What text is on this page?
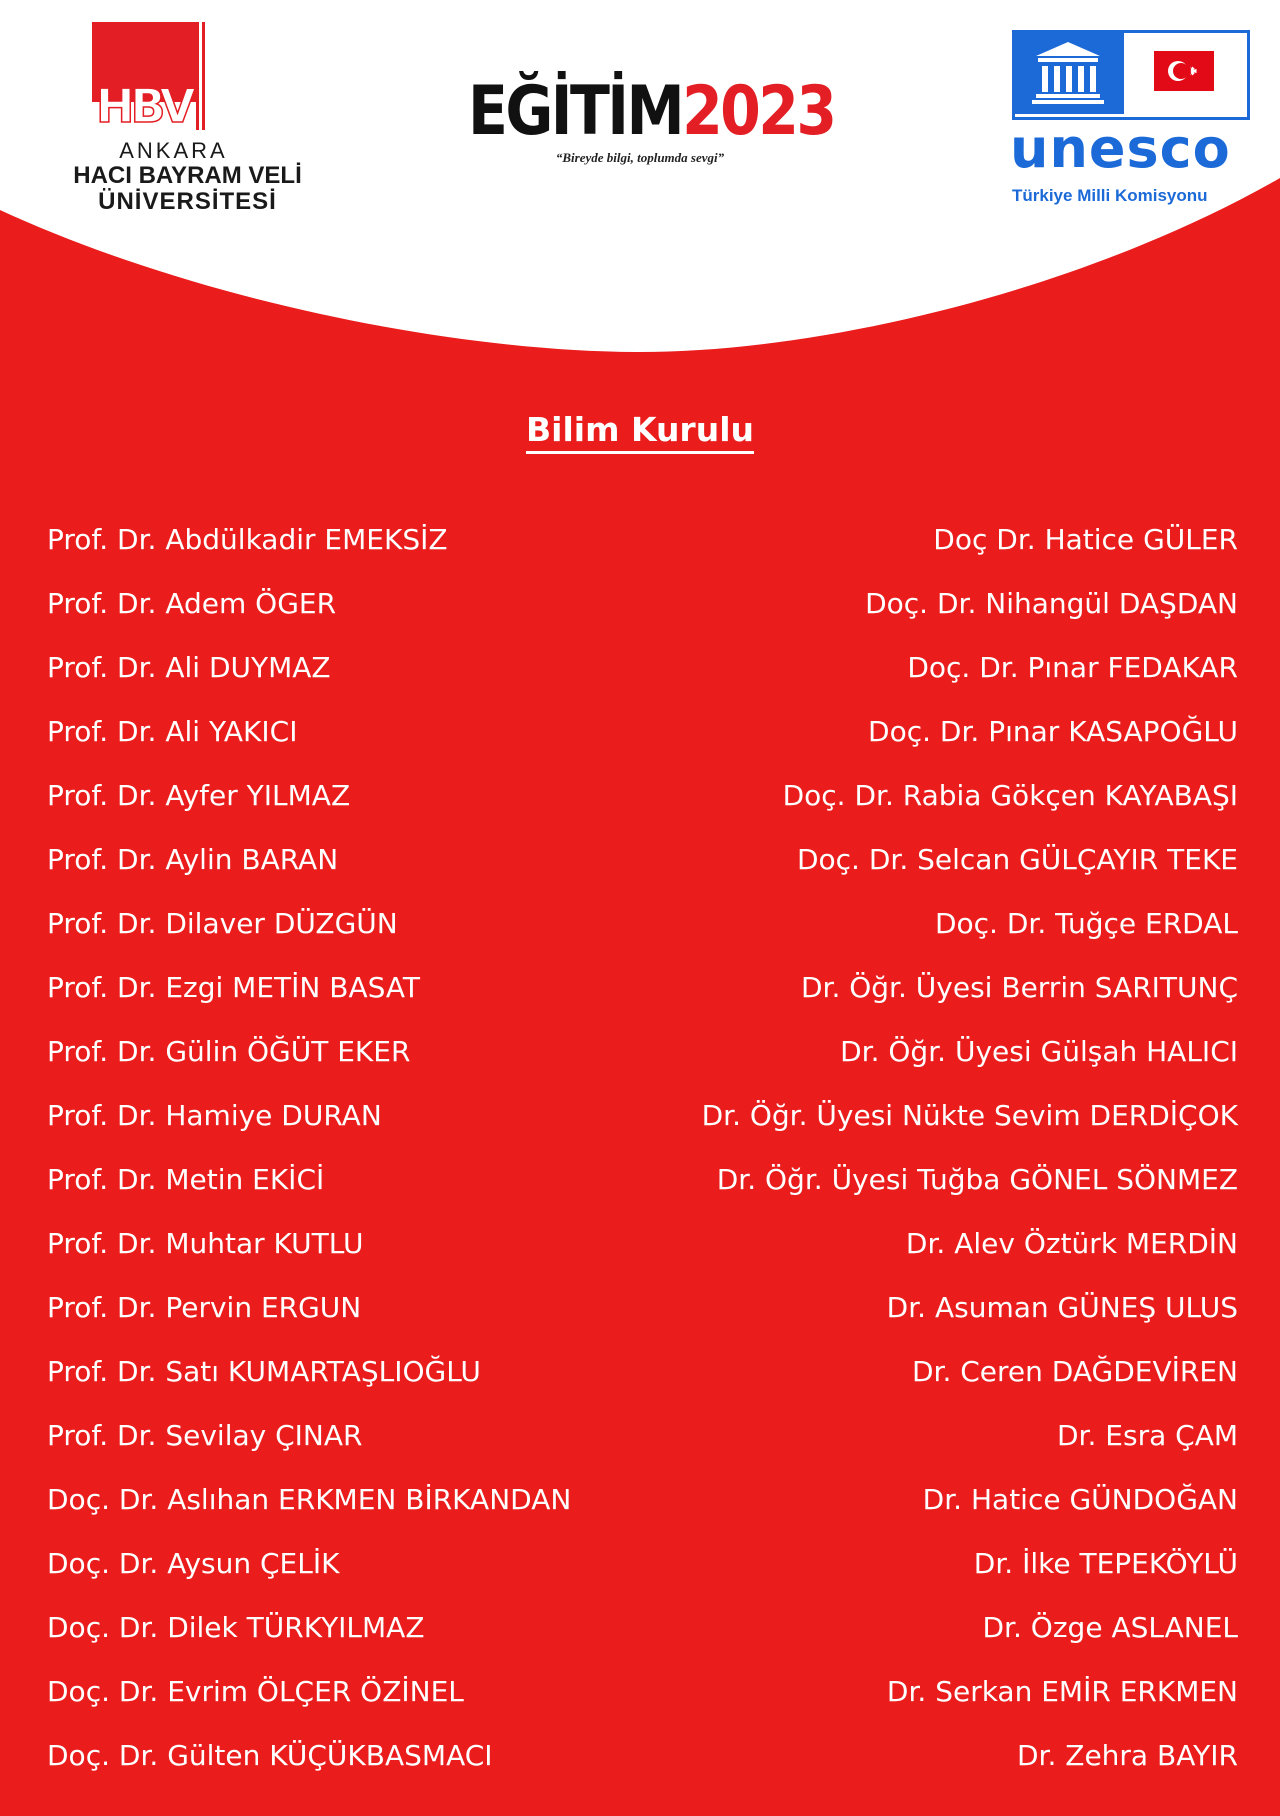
HBV
ANKARA
HACI BAYRAM VELİ
ÜNİVERSİTESİ
EĞİTİM2023
“Bireyde bilgi, toplumda sevgi”	unesco
Türkiye Milli Komisyonu
Bilim Kurulu
Prof. Dr. Abdülkadir EMEKSİZ
Prof. Dr. Adem ÖGER
Prof. Dr. Ali DUYMAZ
Prof. Dr. Ali YAKICI
Prof. Dr. Ayfer YILMAZ
Prof. Dr. Aylin BARAN
Prof. Dr. Dilaver DÜZGÜN
Prof. Dr. Ezgi METİN BASAT
Prof. Dr. Gülin ÖĞÜT EKER
Prof. Dr. Hamiye DURAN
Prof. Dr. Metin EKİCİ
Prof. Dr. Muhtar KUTLU
Prof. Dr. Pervin ERGUN
Prof. Dr. Satı KUMARTAŞLIOĞLU
Prof. Dr. Sevilay ÇINAR
Doç. Dr. Aslıhan ERKMEN BİRKANDAN
Doç. Dr. Aysun ÇELİK
Doç. Dr. Dilek TÜRKYILMAZ
Doç. Dr. Evrim ÖLÇER ÖZİNEL
Doç. Dr. Gülten KÜÇÜKBASMACI
Doç Dr. Hatice GÜLER
Doç. Dr. Nihangül DAŞDAN
Doç. Dr. Pınar FEDAKAR
Doç. Dr. Pınar KASAPOĞLU
Doç. Dr. Rabia Gökçen KAYABAŞI
Doç. Dr. Selcan GÜLÇAYIR TEKE
Doç. Dr. Tuğçe ERDAL
Dr. Öğr. Üyesi Berrin SARITUNÇ
Dr. Öğr. Üyesi Gülşah HALICI
Dr. Öğr. Üyesi Nükte Sevim DERDİÇOK
Dr. Öğr. Üyesi Tuğba GÖNEL SÖNMEZ
Dr. Alev Öztürk MERDİN
Dr. Asuman GÜNEŞ ULUS
Dr. Ceren DAĞDEVİREN
Dr. Esra ÇAM
Dr. Hatice GÜNDOĞAN
Dr. İlke TEPEKÖYLÜ
Dr. Özge ASLANEL
Dr. Serkan EMİR ERKMEN
Dr. Zehra BAYIR
